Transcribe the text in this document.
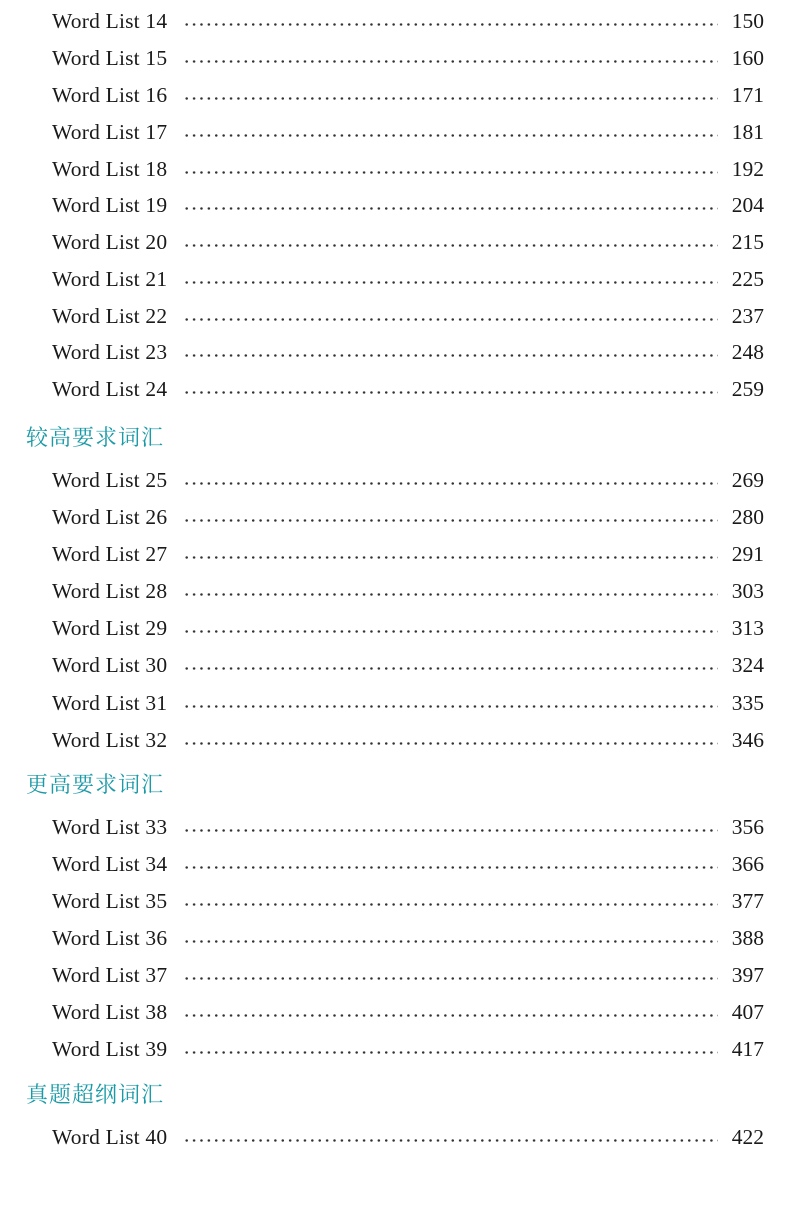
Word List 14	150
Word List 15	160
Word List 16	171
Word List 17	181
Word List 18	192
Word List 19	204
Word List 20	215
Word List 21	225
Word List 22	237
Word List 23	248
Word List 24	259
较高要求词汇
Word List 25	269
Word List 26	280
Word List 27	291
Word List 28	303
Word List 29	313
Word List 30	324
Word List 31	335
Word List 32	346
更高要求词汇
Word List 33	356
Word List 34	366
Word List 35	377
Word List 36	388
Word List 37	397
Word List 38	407
Word List 39	417
真题超纲词汇
Word List 40	422
